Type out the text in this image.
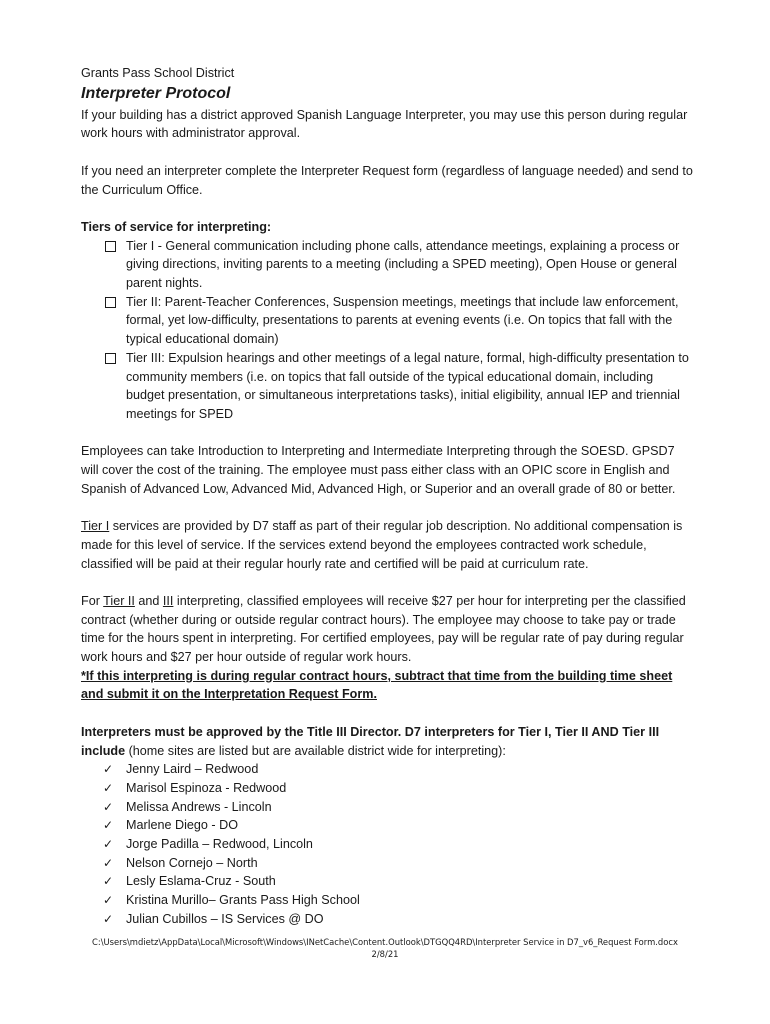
Grants Pass School District

Interpreter Protocol

If your building has a district approved Spanish Language Interpreter, you may use this person during regular work hours with administrator approval.

If you need an interpreter complete the Interpreter Request form (regardless of language needed) and send to the Curriculum Office.

Tiers of service for interpreting:

Tier I - General communication including phone calls, attendance meetings, explaining a process or giving directions, inviting parents to a meeting (including a SPED meeting), Open House or general parent nights.
Tier II: Parent-Teacher Conferences, Suspension meetings, meetings that include law enforcement, formal, yet low-difficulty, presentations to parents at evening events (i.e. On topics that fall with the typical educational domain)
Tier III: Expulsion hearings and other meetings of a legal nature, formal, high-difficulty presentation to community members (i.e. on topics that fall outside of the typical educational domain, including budget presentation, or simultaneous interpretations tasks), initial eligibility, annual IEP and triennial meetings for SPED

Employees can take Introduction to Interpreting and Intermediate Interpreting through the SOESD. GPSD7 will cover the cost of the training. The employee must pass either class with an OPIC score in English and Spanish of Advanced Low, Advanced Mid, Advanced High, or Superior and an overall grade of 80 or better.

Tier I services are provided by D7 staff as part of their regular job description. No additional compensation is made for this level of service. If the services extend beyond the employees contracted work schedule, classified will be paid at their regular hourly rate and certified will be paid at curriculum rate.

For Tier II and III interpreting, classified employees will receive $27 per hour for interpreting per the classified contract (whether during or outside regular contract hours). The employee may choose to take pay or trade time for the hours spent in interpreting. For certified employees, pay will be regular rate of pay during regular work hours and $27 per hour outside of regular work hours.

*If this interpreting is during regular contract hours, subtract that time from the building time sheet and submit it on the Interpretation Request Form.

Interpreters must be approved by the Title III Director. D7 interpreters for Tier I, Tier II AND Tier III include (home sites are listed but are available district wide for interpreting):

✓ Jenny Laird – Redwood
✓ Marisol Espinoza - Redwood
✓ Melissa Andrews - Lincoln
✓ Marlene Diego - DO
✓ Jorge Padilla – Redwood, Lincoln
✓ Nelson Cornejo – North
✓ Lesly Eslama-Cruz - South
✓ Kristina Murillo– Grants Pass High School
✓ Julian Cubillos – IS Services @ DO
C:\Users\mdietz\AppData\Local\Microsoft\Windows\INetCache\Content.Outlook\DTGQQ4RD\Interpreter Service in D7_v6_Request Form.docx
2/8/21
